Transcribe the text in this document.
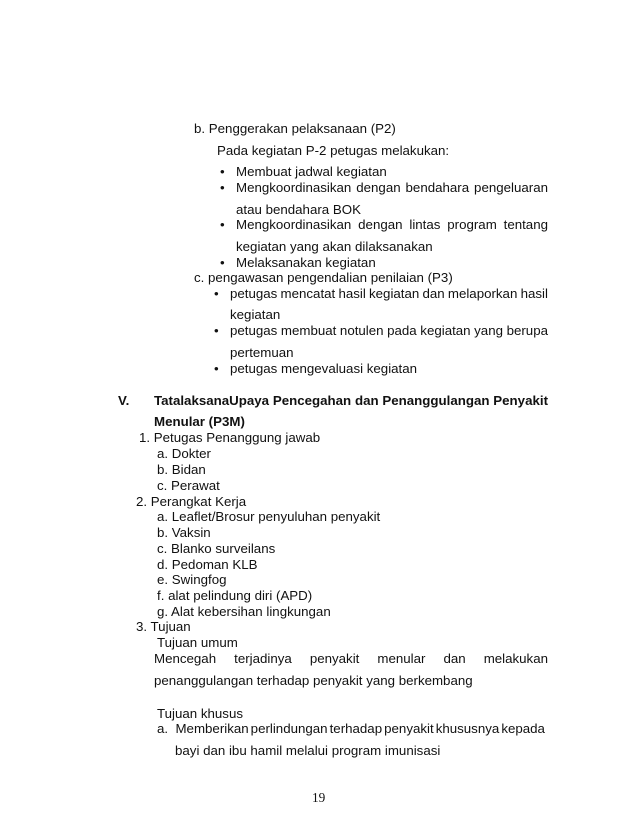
b. Penggerakan pelaksanaan (P2)
Pada kegiatan P-2 petugas melakukan:
• Membuat jadwal kegiatan
• Mengkoordinasikan dengan bendahara pengeluaran
atau bendahara BOK
• Mengkoordinasikan dengan lintas program tentang
kegiatan yang akan dilaksanakan
• Melaksanakan kegiatan
c. pengawasan pengendalian penilaian (P3)
• petugas mencatat hasil kegiatan dan melaporkan hasil
kegiatan
• petugas membuat notulen pada kegiatan yang berupa
pertemuan
• petugas mengevaluasi kegiatan
V. TatalaksanaUpaya Pencegahan dan Penanggulangan Penyakit
Menular (P3M)
1. Petugas Penanggung jawab
a. Dokter
b. Bidan
c. Perawat
2. Perangkat Kerja
a. Leaflet/Brosur penyuluhan penyakit
b. Vaksin
c. Blanko surveilans
d. Pedoman KLB
e. Swingfog
f. alat pelindung diri (APD)
g. Alat kebersihan lingkungan
3. Tujuan
Tujuan umum
Mencegah terjadinya penyakit menular dan melakukan
penanggulangan terhadap penyakit yang berkembang
Tujuan khusus
a.  Memberikan perlindungan terhadap penyakit khususnya kepada
bayi dan ibu hamil melalui program imunisasi
19
